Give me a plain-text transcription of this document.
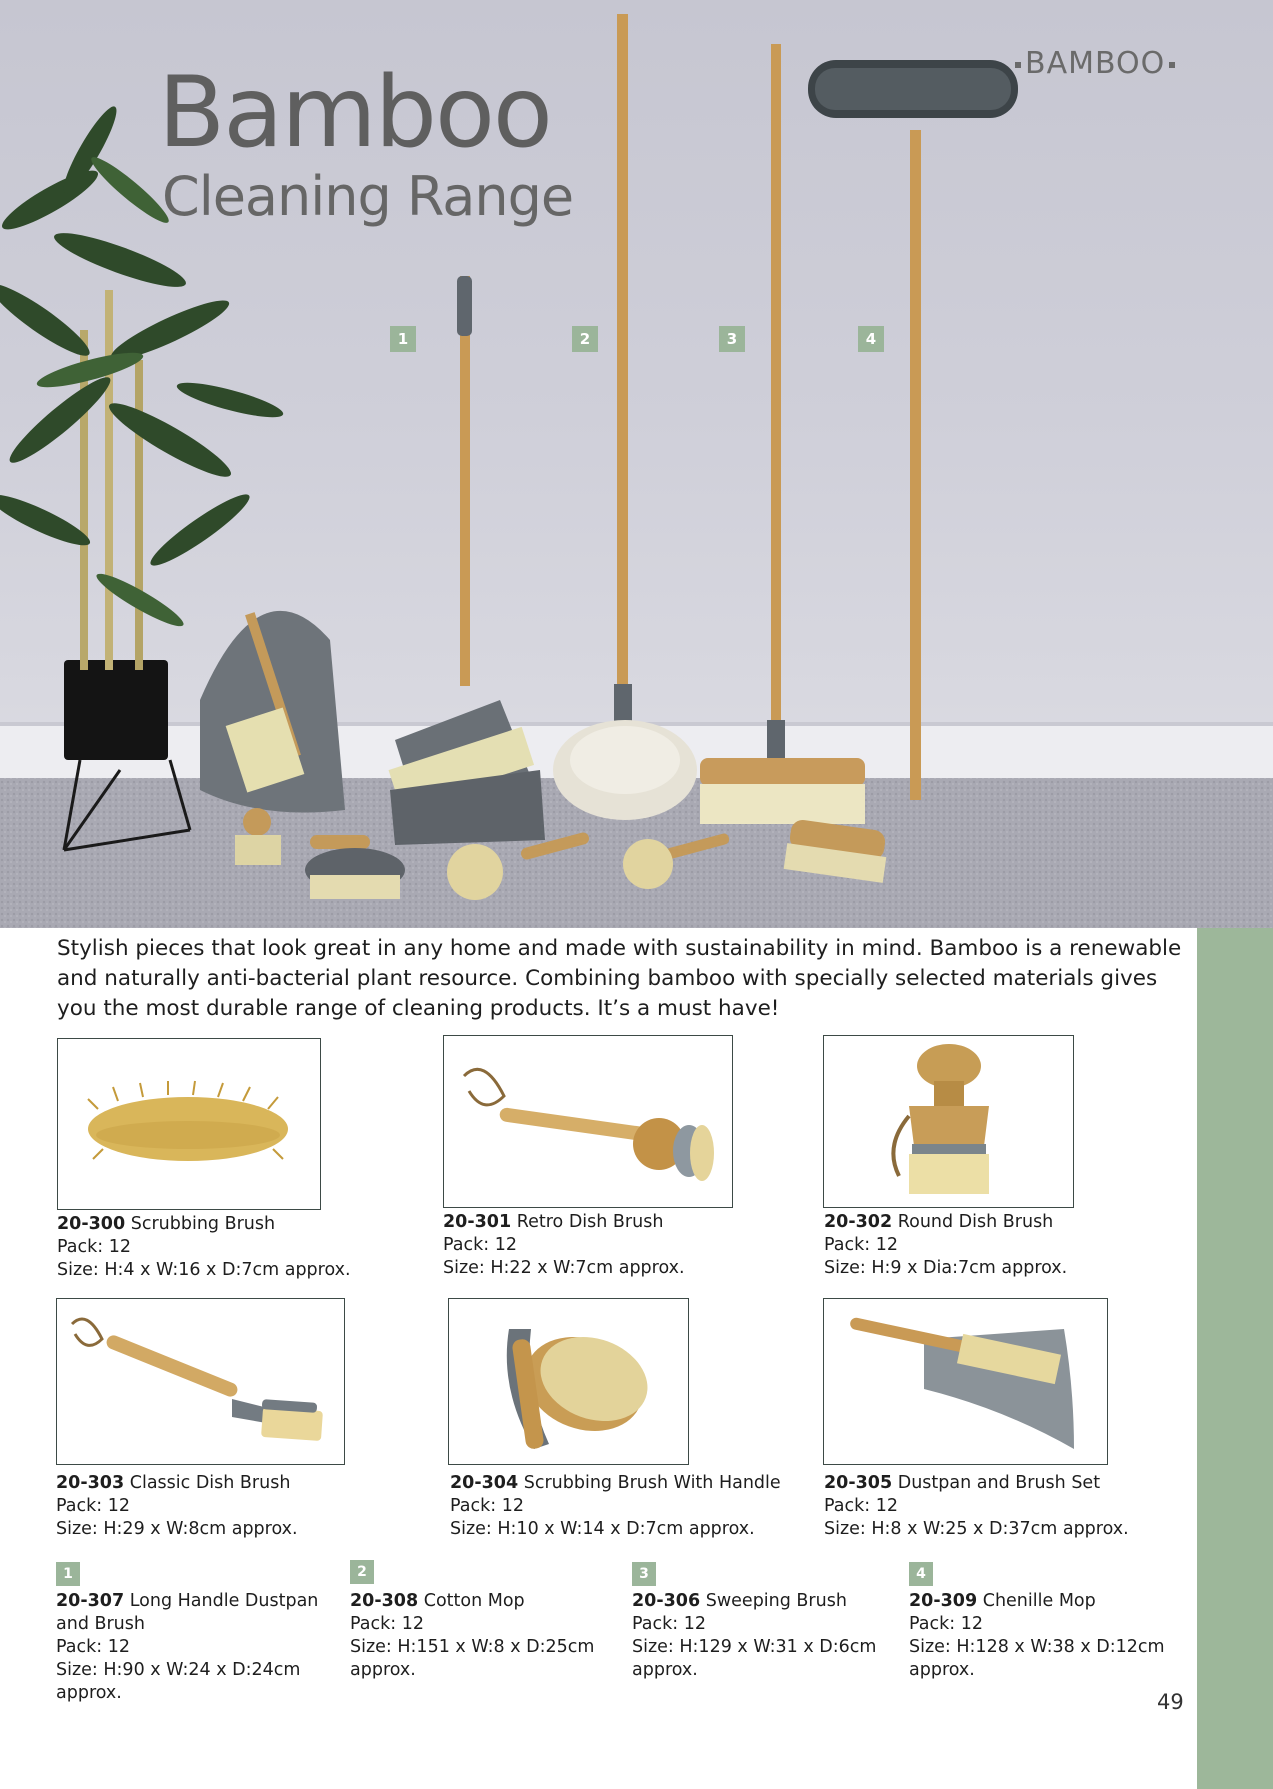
Bamboo
Cleaning Range
BAMBOO
1	2	3	4
Stylish pieces that look great in any home and made with sustainability in mind. Bamboo is a renewable and naturally anti-bacterial plant resource. Combining bamboo with specially selected materials gives you the most durable range of cleaning products. It’s a must have!
20-300 Scrubbing Brush
Pack: 12
Size: H:4 x W:16 x D:7cm approx.
20-301 Retro Dish Brush
Pack: 12
Size: H:22 x W:7cm approx.
20-302 Round Dish Brush
Pack: 12
Size: H:9 x Dia:7cm approx.
20-303 Classic Dish Brush
Pack: 12
Size: H:29 x W:8cm approx.
20-304 Scrubbing Brush With Handle
Pack: 12
Size: H:10 x W:14 x D:7cm approx.
20-305 Dustpan and Brush Set
Pack: 12
Size: H:8 x W:25 x D:37cm approx.
1	2	3	4
20-307 Long Handle Dustpan
and Brush
Pack: 12
Size: H:90 x W:24 x D:24cm
approx.
20-308 Cotton Mop
Pack: 12
Size: H:151 x W:8 x D:25cm
approx.
20-306 Sweeping Brush
Pack: 12
Size: H:129 x W:31 x D:6cm
approx.
20-309 Chenille Mop
Pack: 12
Size: H:128 x W:38 x D:12cm
approx.
49
